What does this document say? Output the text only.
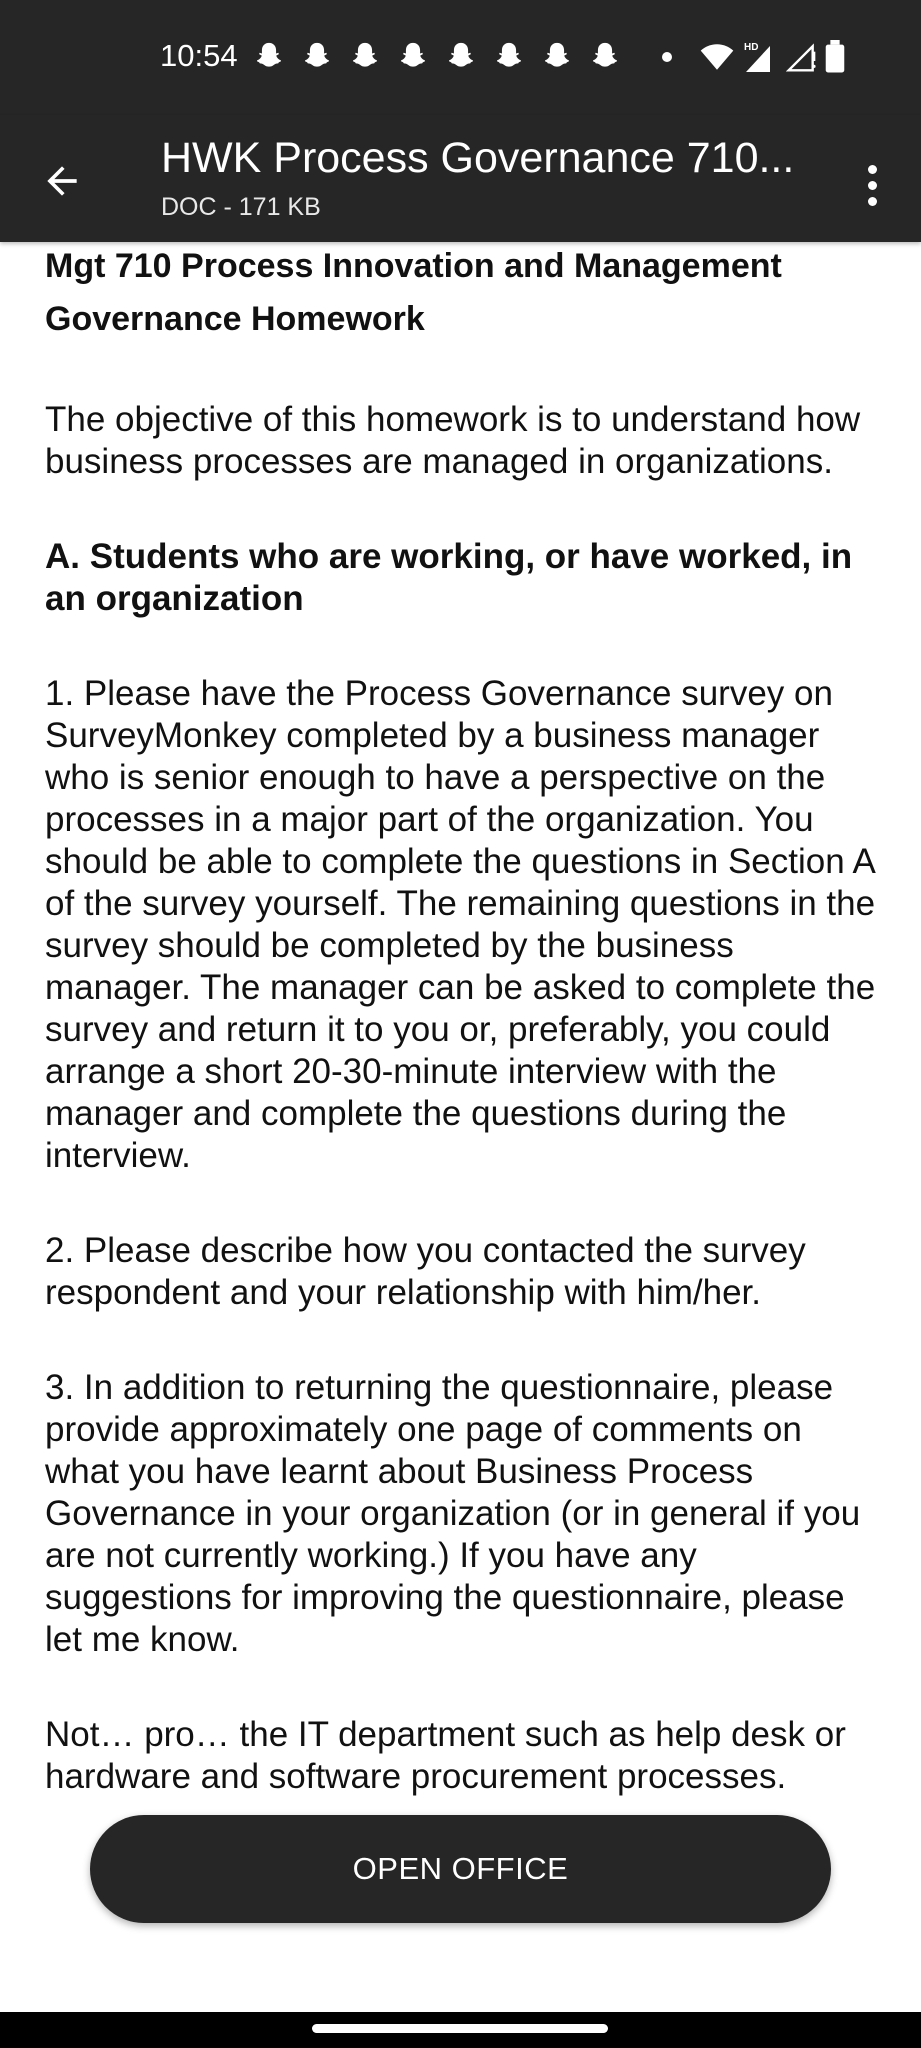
10:54	HD
HWK Process Governance 710...
DOC - 171 KB

Mgt 710 Process Innovation and Management

Governance Homework

The objective of this homework is to understand how business processes are managed in organizations.

A. Students who are working, or have worked, in an organization

1. Please have the Process Governance survey on SurveyMonkey completed by a business manager who is senior enough to have a perspective on the processes in a major part of the organization. You should be able to complete the questions in Section A of the survey yourself. The remaining questions in the survey should be completed by the business manager. The manager can be asked to complete the survey and return it to you or, preferably, you could arrange a short 20-30-minute interview with the manager and complete the questions during the interview.

2. Please describe how you contacted the survey respondent and your relationship with him/her.

3. In addition to returning the questionnaire, please provide approximately one page of comments on what you have learnt about Business Process Governance in your organization (or in general if you are not currently working.) If you have any suggestions for improving the questionnaire, please let me know.

Not… pro… the IT department such as help desk or hardware and software procurement processes.

OPEN OFFICE
